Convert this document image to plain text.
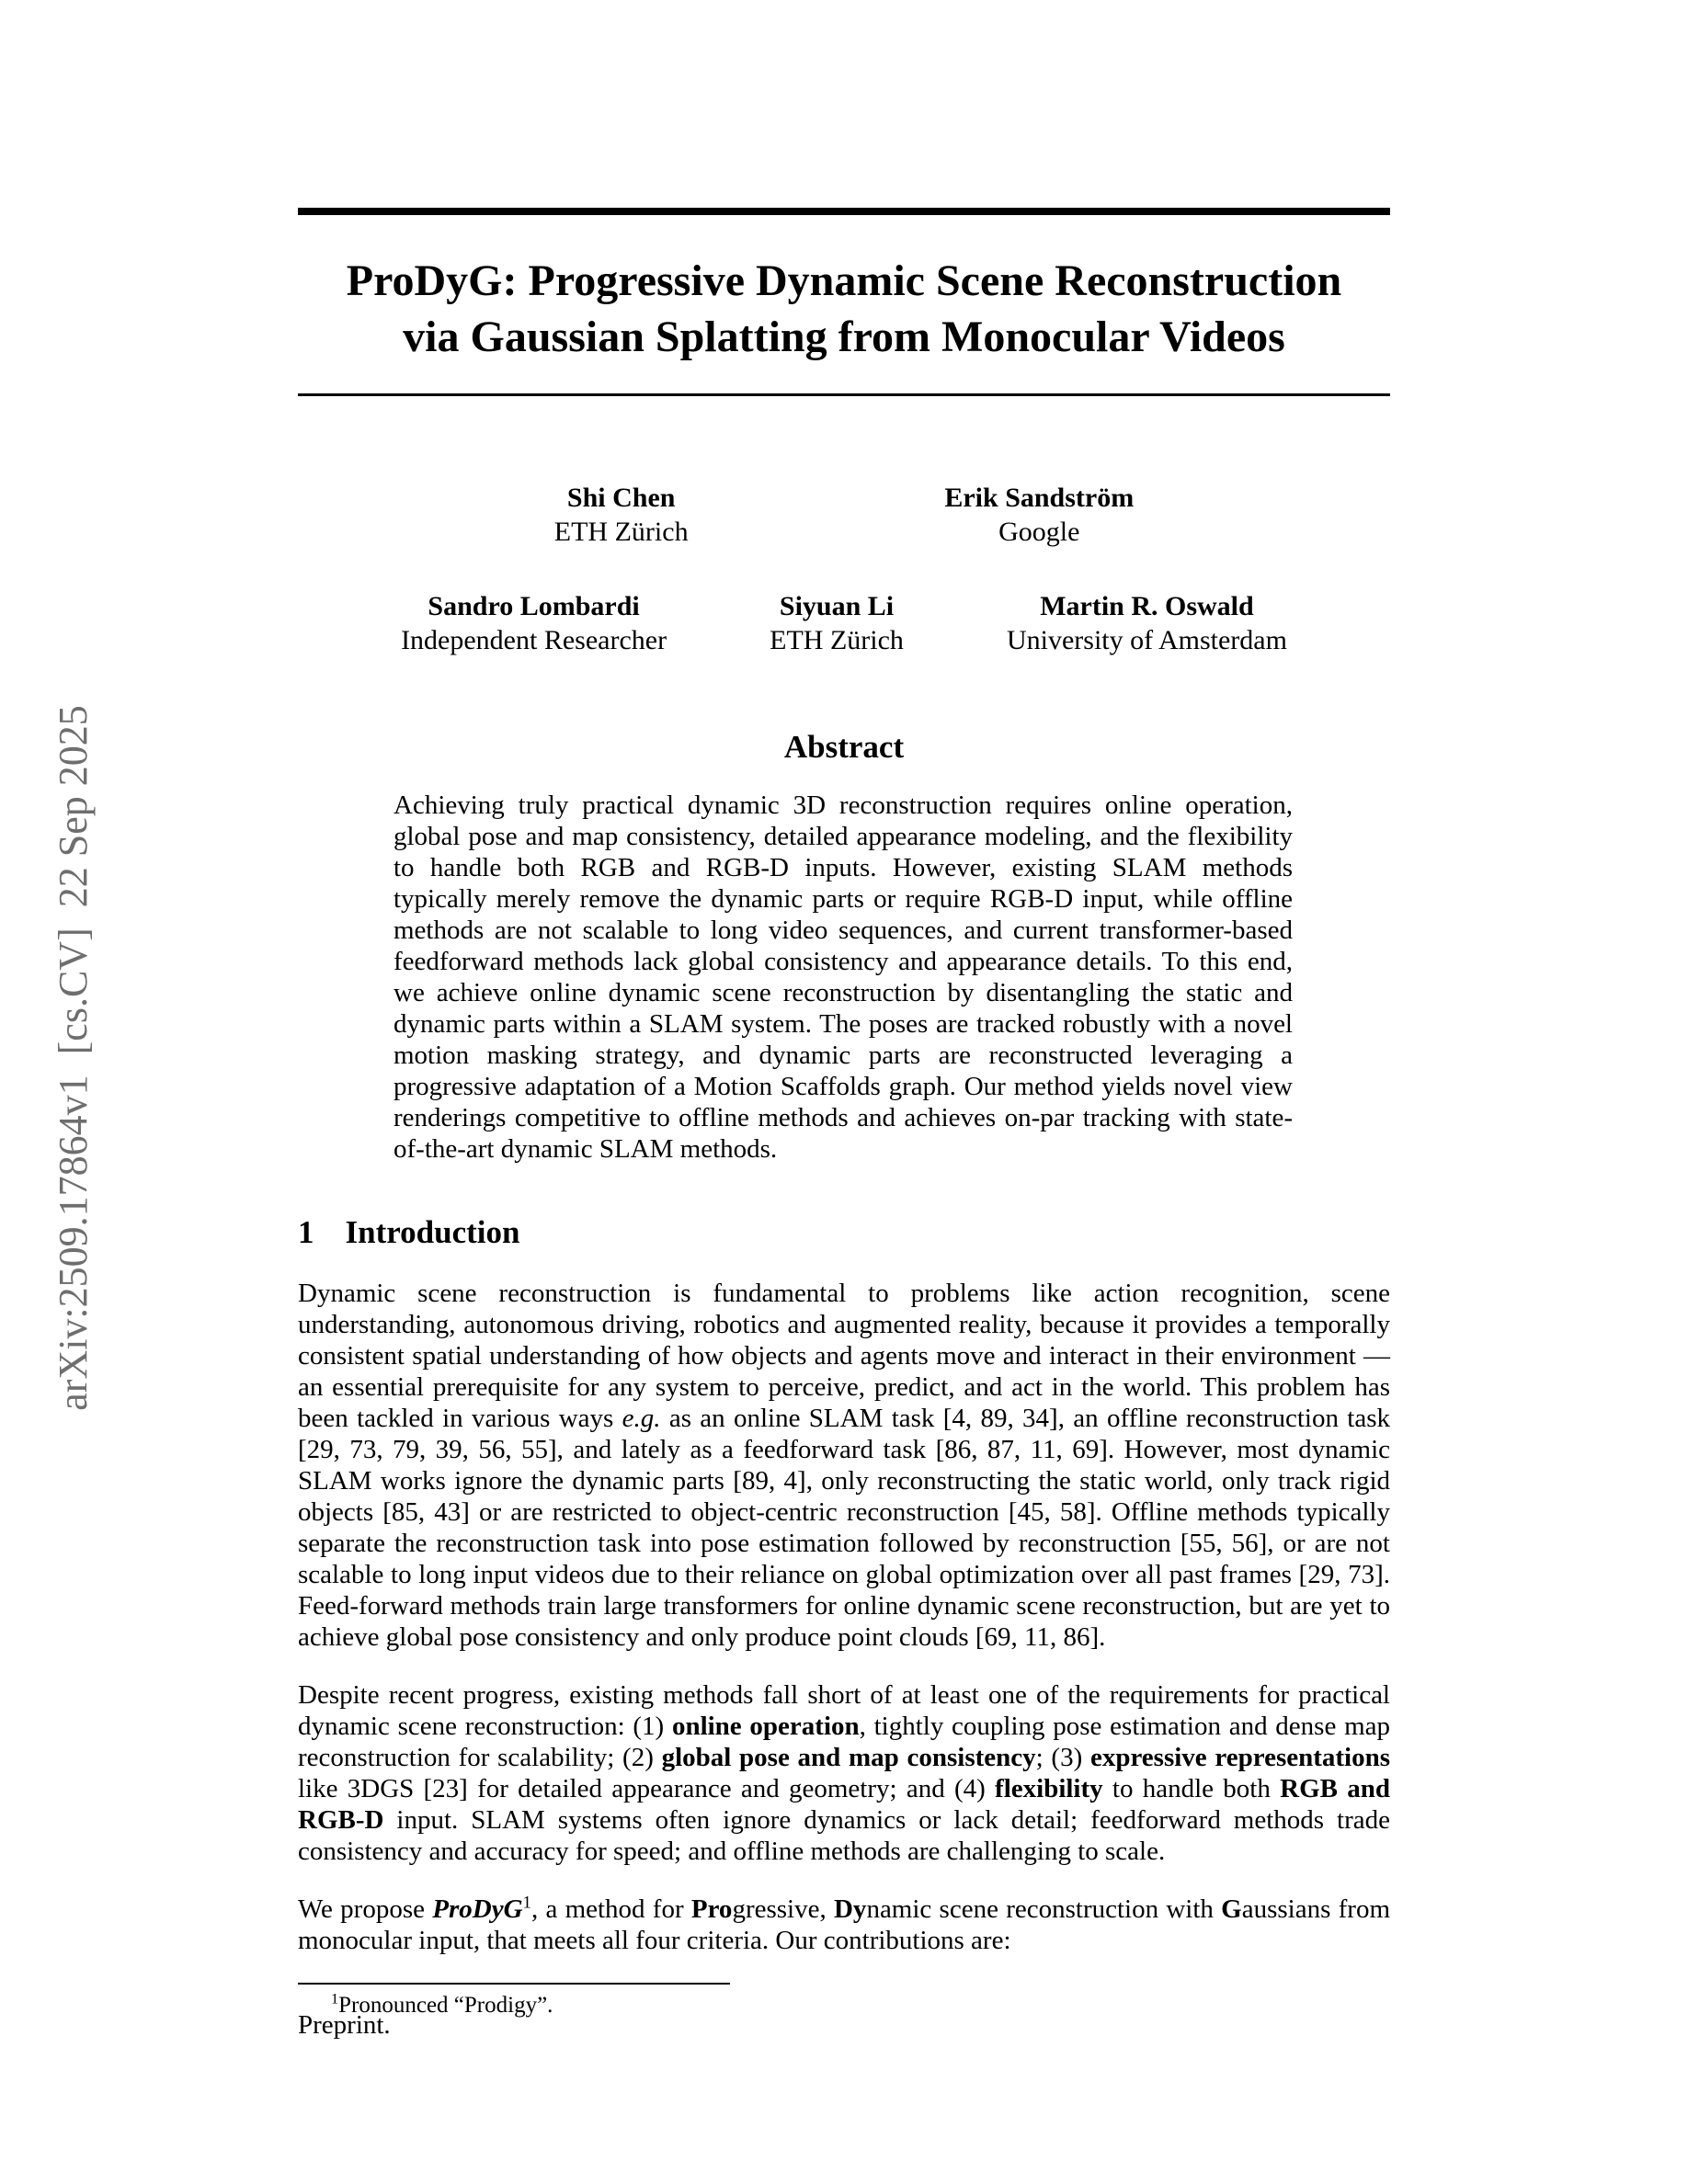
arXiv:2509.17864v1  [cs.CV]  22 Sep 2025
ProDyG: Progressive Dynamic Scene Reconstruction
via Gaussian Splatting from Monocular Videos
Shi Chen
ETH Zürich
Erik Sandström
Google
Sandro Lombardi
Independent Researcher
Siyuan Li
ETH Zürich
Martin R. Oswald
University of Amsterdam
Abstract
Achieving truly practical dynamic 3D reconstruction requires online operation, global pose and map consistency, detailed appearance modeling, and the flexibility to handle both RGB and RGB-D inputs. However, existing SLAM methods typically merely remove the dynamic parts or require RGB-D input, while offline methods are not scalable to long video sequences, and current transformer-based feedforward methods lack global consistency and appearance details. To this end, we achieve online dynamic scene reconstruction by disentangling the static and dynamic parts within a SLAM system. The poses are tracked robustly with a novel motion masking strategy, and dynamic parts are reconstructed leveraging a progressive adaptation of a Motion Scaffolds graph. Our method yields novel view renderings competitive to offline methods and achieves on-par tracking with state-of-the-art dynamic SLAM methods.
1 Introduction

Dynamic scene reconstruction is fundamental to problems like action recognition, scene understanding, autonomous driving, robotics and augmented reality, because it provides a temporally consistent spatial understanding of how objects and agents move and interact in their environment — an essential prerequisite for any system to perceive, predict, and act in the world. This problem has been tackled in various ways e.g. as an online SLAM task [4, 89, 34], an offline reconstruction task [29, 73, 79, 39, 56, 55], and lately as a feedforward task [86, 87, 11, 69]. However, most dynamic SLAM works ignore the dynamic parts [89, 4], only reconstructing the static world, only track rigid objects [85, 43] or are restricted to object-centric reconstruction [45, 58]. Offline methods typically separate the reconstruction task into pose estimation followed by reconstruction [55, 56], or are not scalable to long input videos due to their reliance on global optimization over all past frames [29, 73]. Feed-forward methods train large transformers for online dynamic scene reconstruction, but are yet to achieve global pose consistency and only produce point clouds [69, 11, 86].

Despite recent progress, existing methods fall short of at least one of the requirements for practical dynamic scene reconstruction: (1) online operation, tightly coupling pose estimation and dense map reconstruction for scalability; (2) global pose and map consistency; (3) expressive representations like 3DGS [23] for detailed appearance and geometry; and (4) flexibility to handle both RGB and RGB-D input. SLAM systems often ignore dynamics or lack detail; feedforward methods trade consistency and accuracy for speed; and offline methods are challenging to scale.

We propose ProDyG$^1$, a method for Progressive, Dynamic scene reconstruction with Gaussians from monocular input, that meets all four criteria. Our contributions are:

$^1$Pronounced “Prodigy”.
Preprint.
